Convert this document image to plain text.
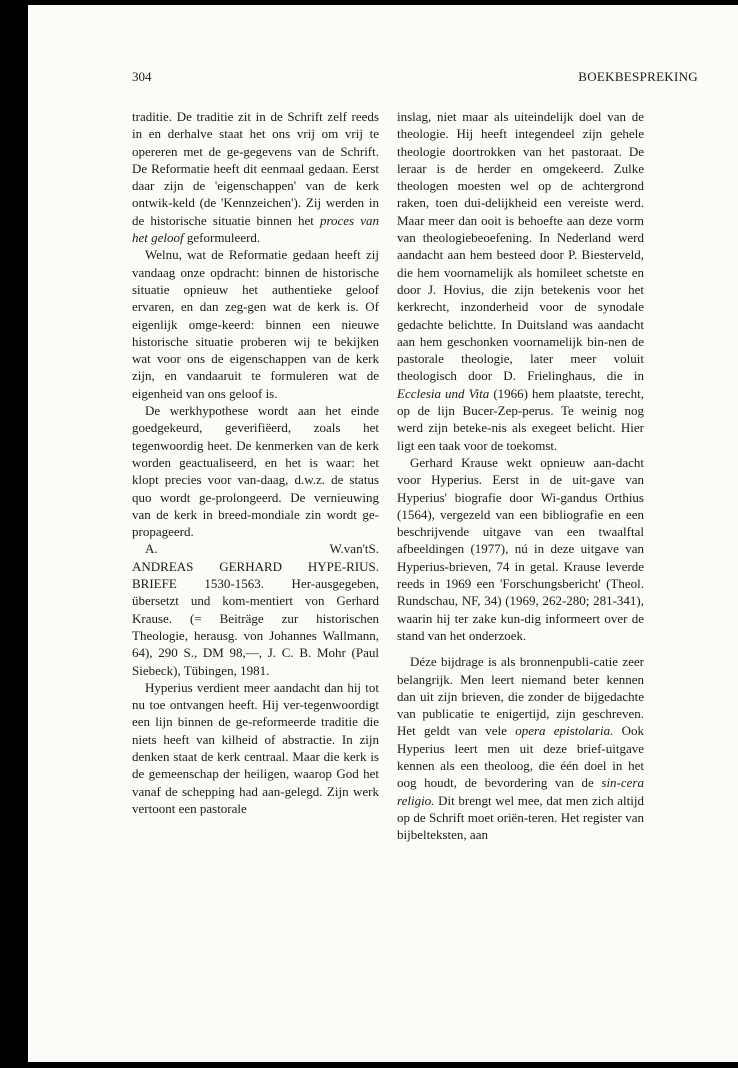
304	BOEKBESPREKING

traditie. De traditie zit in de Schrift zelf reeds in en derhalve staat het ons vrij om vrij te opereren met de ge-gegevens van de Schrift. De Reformatie heeft dit eenmaal gedaan. Eerst daar zijn de 'eigenschappen' van de kerk ontwik-keld (de 'Kennzeichen'). Zij werden in de historische situatie binnen het proces van het geloof geformuleerd.

Welnu, wat de Reformatie gedaan heeft zij vandaag onze opdracht: binnen de historische situatie opnieuw het authentieke geloof ervaren, en dan zeg-gen wat de kerk is. Of eigenlijk omge-keerd: binnen een nieuwe historische situatie proberen wij te bekijken wat voor ons de eigenschappen van de kerk zijn, en vandaaruit te formuleren wat de eigenheid van ons geloof is.

De werkhypothese wordt aan het einde goedgekeurd, geverifiëerd, zoals het tegenwoordig heet. De kenmerken van de kerk worden geactualiseerd, en het is waar: het klopt precies voor van-daag, d.w.z. de status quo wordt ge-prolongeerd. De vernieuwing van de kerk in breed-mondiale zin wordt ge-propageerd.

A.	W.van'tS.

ANDREAS GERHARD HYPE-RIUS. BRIEFE 1530-1563. Her-ausgegeben, übersetzt und kom-mentiert von Gerhard Krause. (= Beiträge zur historischen Theologie, herausg. von Johannes Wallmann, 64), 290 S., DM 98,—, J. C. B. Mohr (Paul Siebeck), Tübingen, 1981.

Hyperius verdient meer aandacht dan hij tot nu toe ontvangen heeft. Hij ver-tegenwoordigt een lijn binnen de ge-reformeerde traditie die niets heeft van kilheid of abstractie. In zijn denken staat de kerk centraal. Maar die kerk is de gemeenschap der heiligen, waarop God het vanaf de schepping had aan-gelegd. Zijn werk vertoont een pastorale

inslag, niet maar als uiteindelijk doel van de theologie. Hij heeft integendeel zijn gehele theologie doortrokken van het pastoraat. De leraar is de herder en omgekeerd. Zulke theologen moesten wel op de achtergrond raken, toen dui-delijkheid een vereiste werd. Maar meer dan ooit is behoefte aan deze vorm van theologiebeoefening. In Nederland werd aandacht aan hem besteed door P. Biesterveld, die hem voornamelijk als homileet schetste en door J. Hovius, die zijn betekenis voor het kerkrecht, inzonderheid voor de synodale gedachte belichtte. In Duitsland was aandacht aan hem geschonken voornamelijk bin-nen de pastorale theologie, later meer voluit theologisch door D. Frielinghaus, die in Ecclesia und Vita (1966) hem plaatste, terecht, op de lijn Bucer-Zep-perus. Te weinig nog werd zijn beteke-nis als exegeet belicht. Hier ligt een taak voor de toekomst.

Gerhard Krause wekt opnieuw aan-dacht voor Hyperius. Eerst in de uit-gave van Hyperius' biografie door Wi-gandus Orthius (1564), vergezeld van een bibliografie en een beschrijvende uitgave van een twaalftal afbeeldingen (1977), nú in deze uitgave van Hyperius-brieven, 74 in getal. Krause leverde reeds in 1969 een 'Forschungsbericht' (Theol. Rundschau, NF, 34) (1969, 262-280; 281-341), waarin hij ter zake kun-dig informeert over de stand van het onderzoek.

Déze bijdrage is als bronnenpubli-catie zeer belangrijk. Men leert niemand beter kennen dan uit zijn brieven, die zonder de bijgedachte van publicatie te enigertijd, zijn geschreven. Het geldt van vele opera epistolaria. Ook Hyperius leert men uit deze brief-uitgave kennen als een theoloog, die één doel in het oog houdt, de bevordering van de sin-cera religio. Dit brengt wel mee, dat men zich altijd op de Schrift moet oriën-teren. Het register van bijbelteksten, aan
